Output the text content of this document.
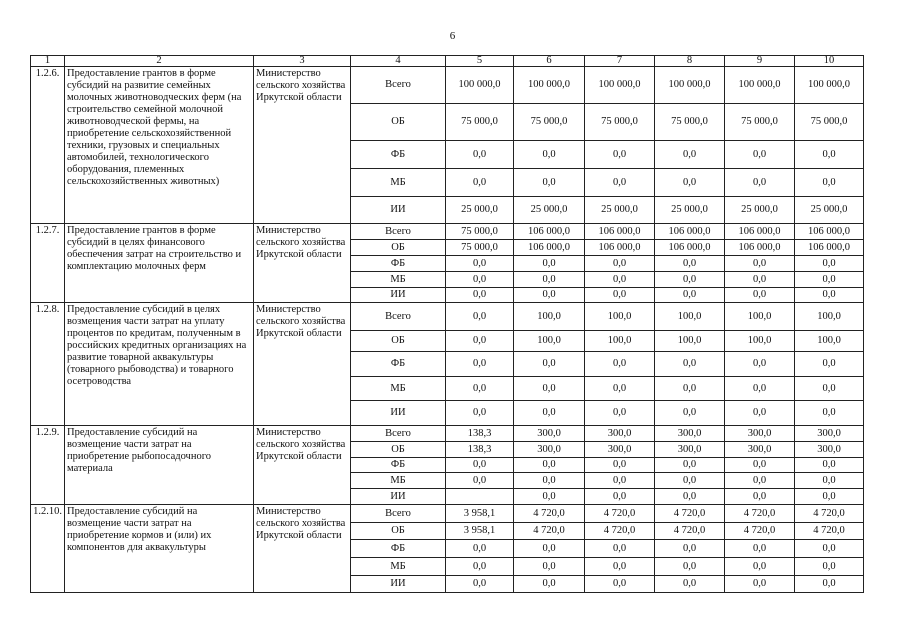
6
1	2	3	4	5	6	7	8	9	10
1.2.6.	Предоставление грантов в форме субсидий на развитие семейных молочных животноводческих ферм (на строительство семейной молочной животноводческой фермы, на приобретение сельскохозяйственной техники, грузовых и специальных автомобилей, технологического оборудования, племенных сельскохозяйственных животных)	Министерство сельского хозяйства Иркутской области	Всего	100 000,0	100 000,0	100 000,0	100 000,0	100 000,0	100 000,0
			ОБ	75 000,0	75 000,0	75 000,0	75 000,0	75 000,0	75 000,0
			ФБ	0,0	0,0	0,0	0,0	0,0	0,0
			МБ	0,0	0,0	0,0	0,0	0,0	0,0
			ИИ	25 000,0	25 000,0	25 000,0	25 000,0	25 000,0	25 000,0
1.2.7.	Предоставление грантов в форме субсидий в целях финансового обеспечения затрат на строительство и комплектацию молочных ферм	Министерство сельского хозяйства Иркутской области	Всего	75 000,0	106 000,0	106 000,0	106 000,0	106 000,0	106 000,0
			ОБ	75 000,0	106 000,0	106 000,0	106 000,0	106 000,0	106 000,0
			ФБ	0,0	0,0	0,0	0,0	0,0	0,0
			МБ	0,0	0,0	0,0	0,0	0,0	0,0
			ИИ	0,0	0,0	0,0	0,0	0,0	0,0
1.2.8.	Предоставление субсидий в целях возмещения части затрат на уплату процентов по кредитам, полученным в российских кредитных организациях на развитие товарной аквакультуры (товарного рыбоводства) и товарного осетроводства	Министерство сельского хозяйства Иркутской области	Всего	0,0	100,0	100,0	100,0	100,0	100,0
			ОБ	0,0	100,0	100,0	100,0	100,0	100,0
			ФБ	0,0	0,0	0,0	0,0	0,0	0,0
			МБ	0,0	0,0	0,0	0,0	0,0	0,0
			ИИ	0,0	0,0	0,0	0,0	0,0	0,0
1.2.9.	Предоставление субсидий на возмещение части затрат на приобретение рыбопосадочного материала	Министерство сельского хозяйства Иркутской области	Всего	138,3	300,0	300,0	300,0	300,0	300,0
			ОБ	138,3	300,0	300,0	300,0	300,0	300,0
			ФБ	0,0	0,0	0,0	0,0	0,0	0,0
			МБ	0,0	0,0	0,0	0,0	0,0	0,0
			ИИ		0,0	0,0	0,0	0,0	0,0
1.2.10.	Предоставление субсидий на возмещение части затрат на приобретение кормов и (или) их компонентов для аквакультуры	Министерство сельского хозяйства Иркутской области	Всего	3 958,1	4 720,0	4 720,0	4 720,0	4 720,0	4 720,0
			ОБ	3 958,1	4 720,0	4 720,0	4 720,0	4 720,0	4 720,0
			ФБ	0,0	0,0	0,0	0,0	0,0	0,0
			МБ	0,0	0,0	0,0	0,0	0,0	0,0
			ИИ	0,0	0,0	0,0	0,0	0,0	0,0
